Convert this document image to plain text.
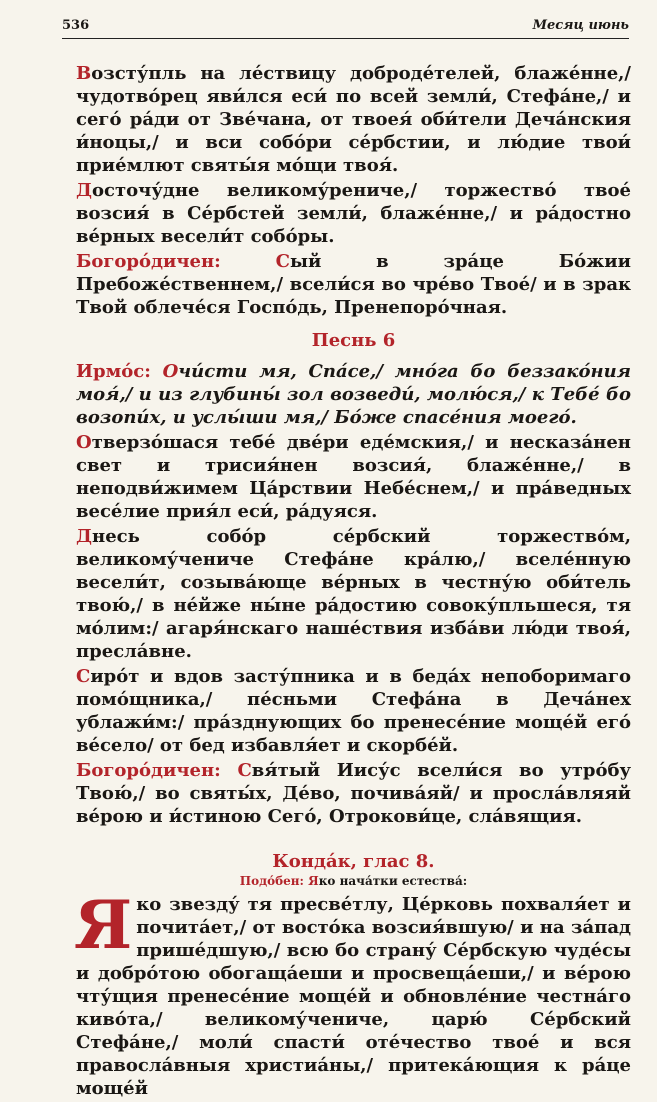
536	Месяц июнь

Возсту́пль на ле́ствицу доброде́телей, блаже́нне,/ чудотво́рец яви́лся еси́ по всей земли́, Стефа́не,/ и сего́ ра́ди от Зве́чана, от твоея́ оби́тели Деча́нския и́ноцы,/ и вси собо́ри се́рбстии, и лю́дие твои́ прие́млют святы́я мо́щи твоя́.

Досточу́дне великому́рениче,/ торжество́ твое́ возсия́ в Се́рбстей земли́, блаже́нне,/ и ра́достно ве́рных весели́т собо́ры.

Богоро́дичен: Сый в зра́це Бо́жии Пребоже́ственнем,/ всели́ся во чре́во Твое́/ и в зрак Твой облече́ся Госпо́дь, Пренепоро́чная.

Песнь 6

Ирмо́с: Очи́сти мя, Спа́се,/ мно́га бо беззако́ния моя́,/ и из глубины́ зол возведи́, молю́ся,/ к Тебе́ бо возопи́х, и услы́ши мя,/ Бо́же спасе́ния моего́.

Отверзо́шася тебе́ две́ри еде́мския,/ и несказа́нен свет и трисия́нен возсия́, блаже́нне,/ в неподви́жимем Ца́рствии Небе́снем,/ и пра́ведных весе́лие прия́л еси́, ра́дуяся.

Днесь собо́р се́рбский торжество́м, великому́чениче Стефа́не кра́лю,/ вселе́нную весели́т, созыва́юще ве́рных в честну́ю оби́тель твою́,/ в не́йже ны́не ра́достию совоку́пльшеся, тя мо́лим:/ агаря́нскаго наше́ствия изба́ви лю́ди твоя́, пресла́вне.

Сиро́т и вдов засту́пника и в беда́х непоборимаго помо́щника,/ пе́сньми Стефа́на в Деча́нех ублажи́м:/ пра́зднующих бо пренесе́ние моще́й его́ ве́село/ от бед избавля́ет и скорбе́й.

Богоро́дичен: Свя́тый Иису́с всели́ся во утро́бу Твою́,/ во святы́х, Де́во, почива́яй/ и просла́вляяй ве́рою и и́стиною Сего́, Отрокови́це, сла́вящия.

Конда́к, глас 8.
Подо́бен: Яко нача́тки естества́:

Яко звезду́ тя пресве́тлу, Це́рковь похваля́ет и почита́ет,/ от восто́ка возсия́вшую/ и на за́пад прише́дшую,/ всю бо страну́ Се́рбскую чуде́сы и добро́тою обогаща́еши и просвеща́еши,/ и ве́рою чту́щия пренесе́ние моще́й и обновле́ние честна́го киво́та,/ великому́чениче, царю́ Се́рбский Стефа́не,/ моли́ спасти́ оте́чество твое́ и вся правосла́вныя христиа́ны,/ притека́ющия к ра́це моще́й
